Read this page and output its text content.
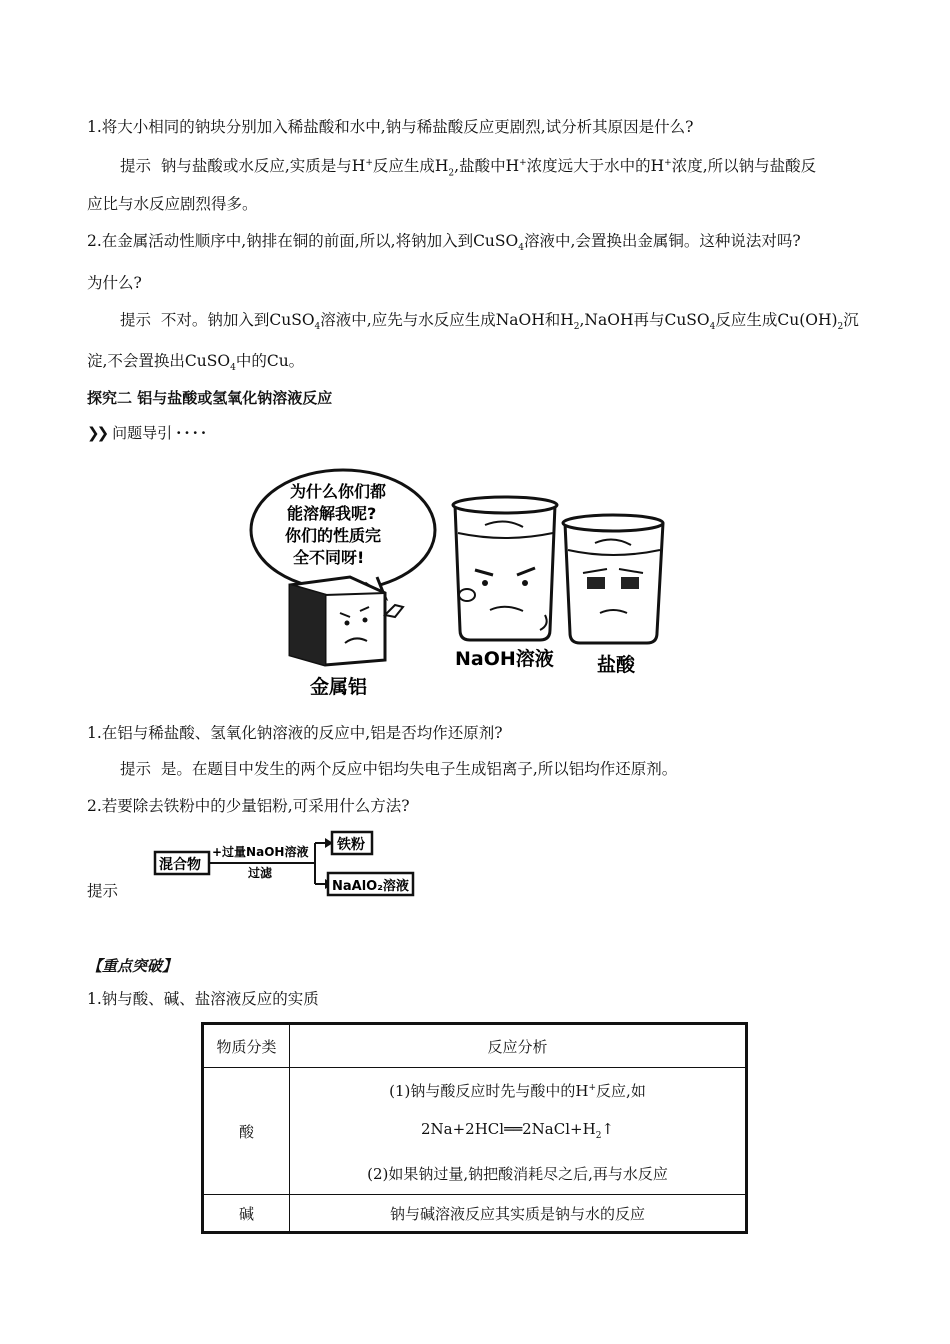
1.将大小相同的钠块分别加入稀盐酸和水中,钠与稀盐酸反应更剧烈,试分析其原因是什么?
提示 钠与盐酸或水反应,实质是与H+反应生成$H_2$,盐酸中H+浓度远大于水中的H+浓度,所以钠与盐酸反
应比与水反应剧烈得多。
2.在金属活动性顺序中,钠排在铜的前面,所以,将钠加入到CuSO$_4$溶液中,会置换出金属铜。这种说法对吗?
为什么?
提示 不对。钠加入到CuSO$_4$溶液中,应先与水反应生成NaOH和$H_2,NaOH$再与CuSO$_4$反应生成$Cu(OH)_2$沉
淀,不会置换出CuSO$_4$中的Cu。
探究二 铝与盐酸或氢氧化钠溶液反应
❯❯ 问题导引 ····
为什么你们都
能溶解我呢?
你们的性质完
全不同呀!
金属铝
NaOH溶液 盐酸
1.在铝与稀盐酸、氢氧化钠溶液的反应中,铝是否均作还原剂?
提示 是。在题目中发生的两个反应中铝均失电子生成铝离子,所以铝均作还原剂。
2.若要除去铁粉中的少量铝粉,可采用什么方法?
混合物
+过量NaOH溶液
过滤
铁粉
NaAlO₂溶液
提示
【重点突破】
1.钠与酸、碱、盐溶液反应的实质
物质分类	反应分析
酸	(1)钠与酸反应时先与酸中的H+反应,如
$2Na+2HCl══2NaCl+H_2↑$
(2)如果钠过量,钠把酸消耗尽之后,再与水反应

碱	钠与碱溶液反应其实质是钠与水的反应
